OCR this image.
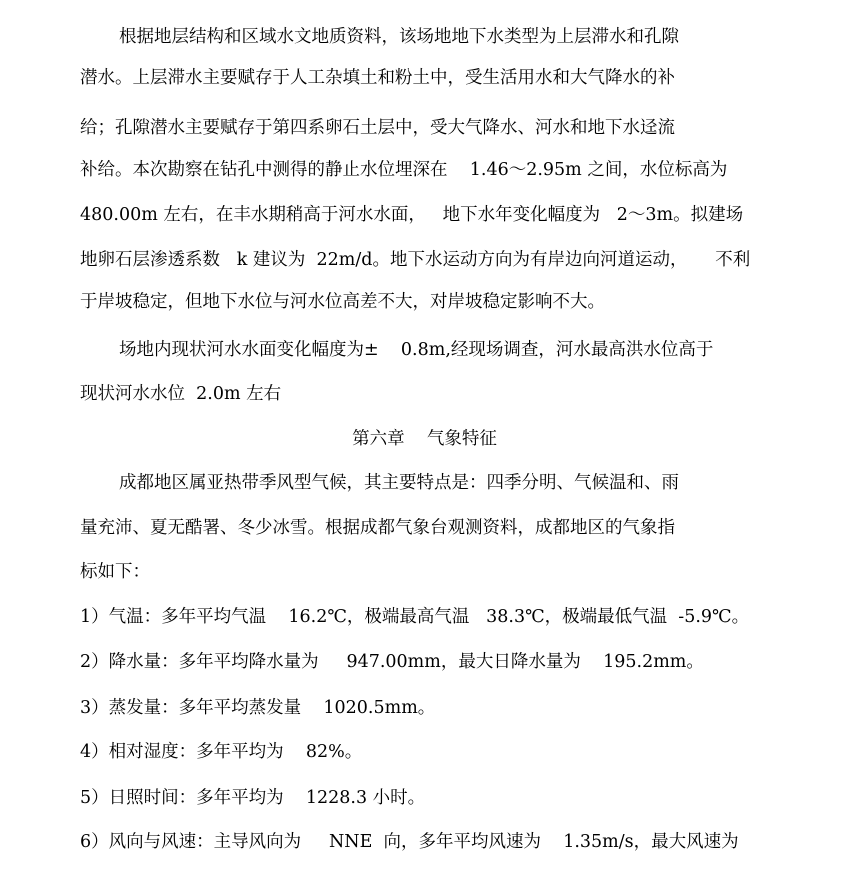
根据地层结构和区域水文地质资料，该场地地下水类型为上层滞水和孔隙
潜水。上层滞水主要赋存于人工杂填土和粉土中，受生活用水和大气降水的补
给；孔隙潜水主要赋存于第四系卵石土层中，受大气降水、河水和地下水迳流
补给。本次勘察在钻孔中测得的静止水位埋深在    1.46～2.95m 之间，水位标高为
480.00m 左右，在丰水期稍高于河水水面，   地下水年变化幅度为   2～3m。拟建场
地卵石层渗透系数   k 建议为  22m/d。地下水运动方向为有岸边向河道运动，     不利
于岸坡稳定，但地下水位与河水位高差不大，对岸坡稳定影响不大。
场地内现状河水水面变化幅度为±    0.8m,经现场调查，河水最高洪水位高于
现状河水水位  2.0m 左右
第六章    气象特征
成都地区属亚热带季风型气候，其主要特点是：四季分明、气候温和、雨
量充沛、夏无酷署、冬少冰雪。根据成都气象台观测资料，成都地区的气象指
标如下：
1）气温：多年平均气温    16.2℃，极端最高气温   38.3℃，极端最低气温  -5.9℃。
2）降水量：多年平均降水量为     947.00mm，最大日降水量为    195.2mm。
3）蒸发量：多年平均蒸发量    1020.5mm。
4）相对湿度：多年平均为    82%。
5）日照时间：多年平均为    1228.3 小时。
6）风向与风速：主导风向为     NNE  向，多年平均风速为    1.35m/s，最大风速为
